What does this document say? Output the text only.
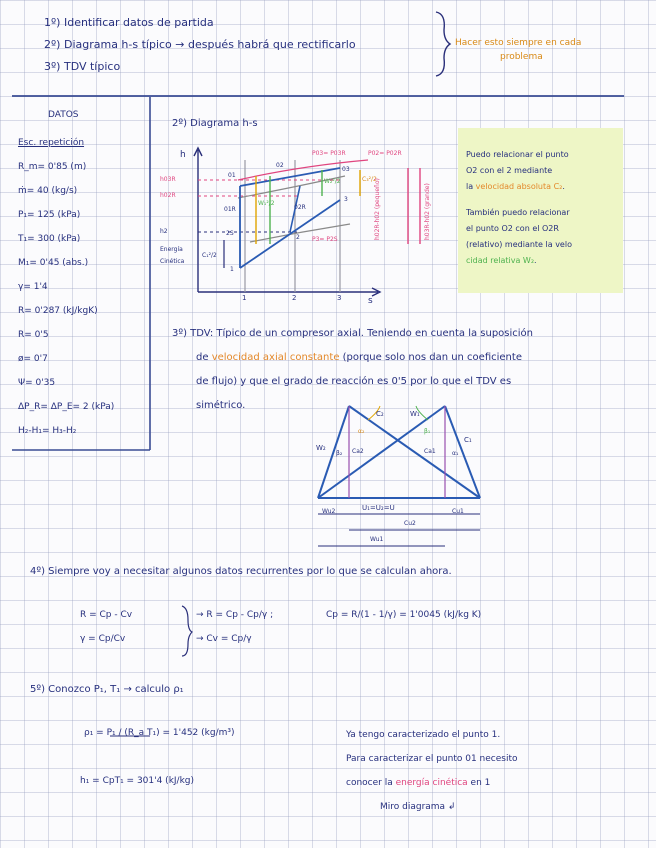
1º) Identificar datos de partida
2º) Diagrama h-s típico → después habrá que rectificarlo
3º) TDV típico
Hacer esto siempre en cada
problema
DATOS
Esc. repetición
R_m= 0'85 (m)
ṁ= 40 (kg/s)
P₁= 125 (kPa)
T₁= 300 (kPa)
M₁= 0'45 (abs.)
γ= 1'4
R= 0'287 (kJ/kgK)
R= 0'5
ø= 0'7
Ψ= 0'35
ΔP_R= ΔP_E= 2 (kPa)
H₂-H₁= H₃-H₂
Puedo relacionar el punto
O2 con el 2 mediante
la velocidad absoluta C₂.
También puedo relacionar
el punto O2 con el O2R
(relativo) mediante la velo
cidad relativa W₂.
2º) Diagrama h-s
h
s
h03R
h02R
h2
P03= P03R	P02= P02R
P3= P2S
01
02
03
01R	02R
2S
3
2
1
Energía
Cinética
C₁²/2
C₃²/2
W₁²/2
W₂²/2	h02R-h02 (pequeño)	h03R-h02 (grande)
1	2	3
3º) TDV: Típico de un compresor axial. Teniendo en cuenta la suposición
de velocidad axial constante (porque solo nos dan un coeficiente
de flujo) y que el grado de reacción es 0'5 por lo que el TDV es
simétrico.
C₂	W₁
W₂
C₁
α₂
β₂
β₁
α₁
Ca2	Ca1
Wu2	U₁=U₂=U	Cu1
Cu2
Wu1
4º) Siempre voy a necesitar algunos datos recurrentes por lo que se calculan ahora.
R = Cp - Cv
γ = Cp/Cv
→ R = Cp - Cp/γ ;
→ Cv = Cp/γ
Cp = R/(1 - 1/γ) = 1'0045 (kJ/kg K)
5º) Conozco P₁, T₁ → calculo ρ₁
ρ₁ = P₁ / (R_a T₁) = 1'452 (kg/m³)
h₁ = CpT₁ = 301'4 (kJ/kg)
Ya tengo caracterizado el punto 1.
Para caracterizar el punto 01 necesito
conocer la energía cinética en 1
Miro diagrama ↲
